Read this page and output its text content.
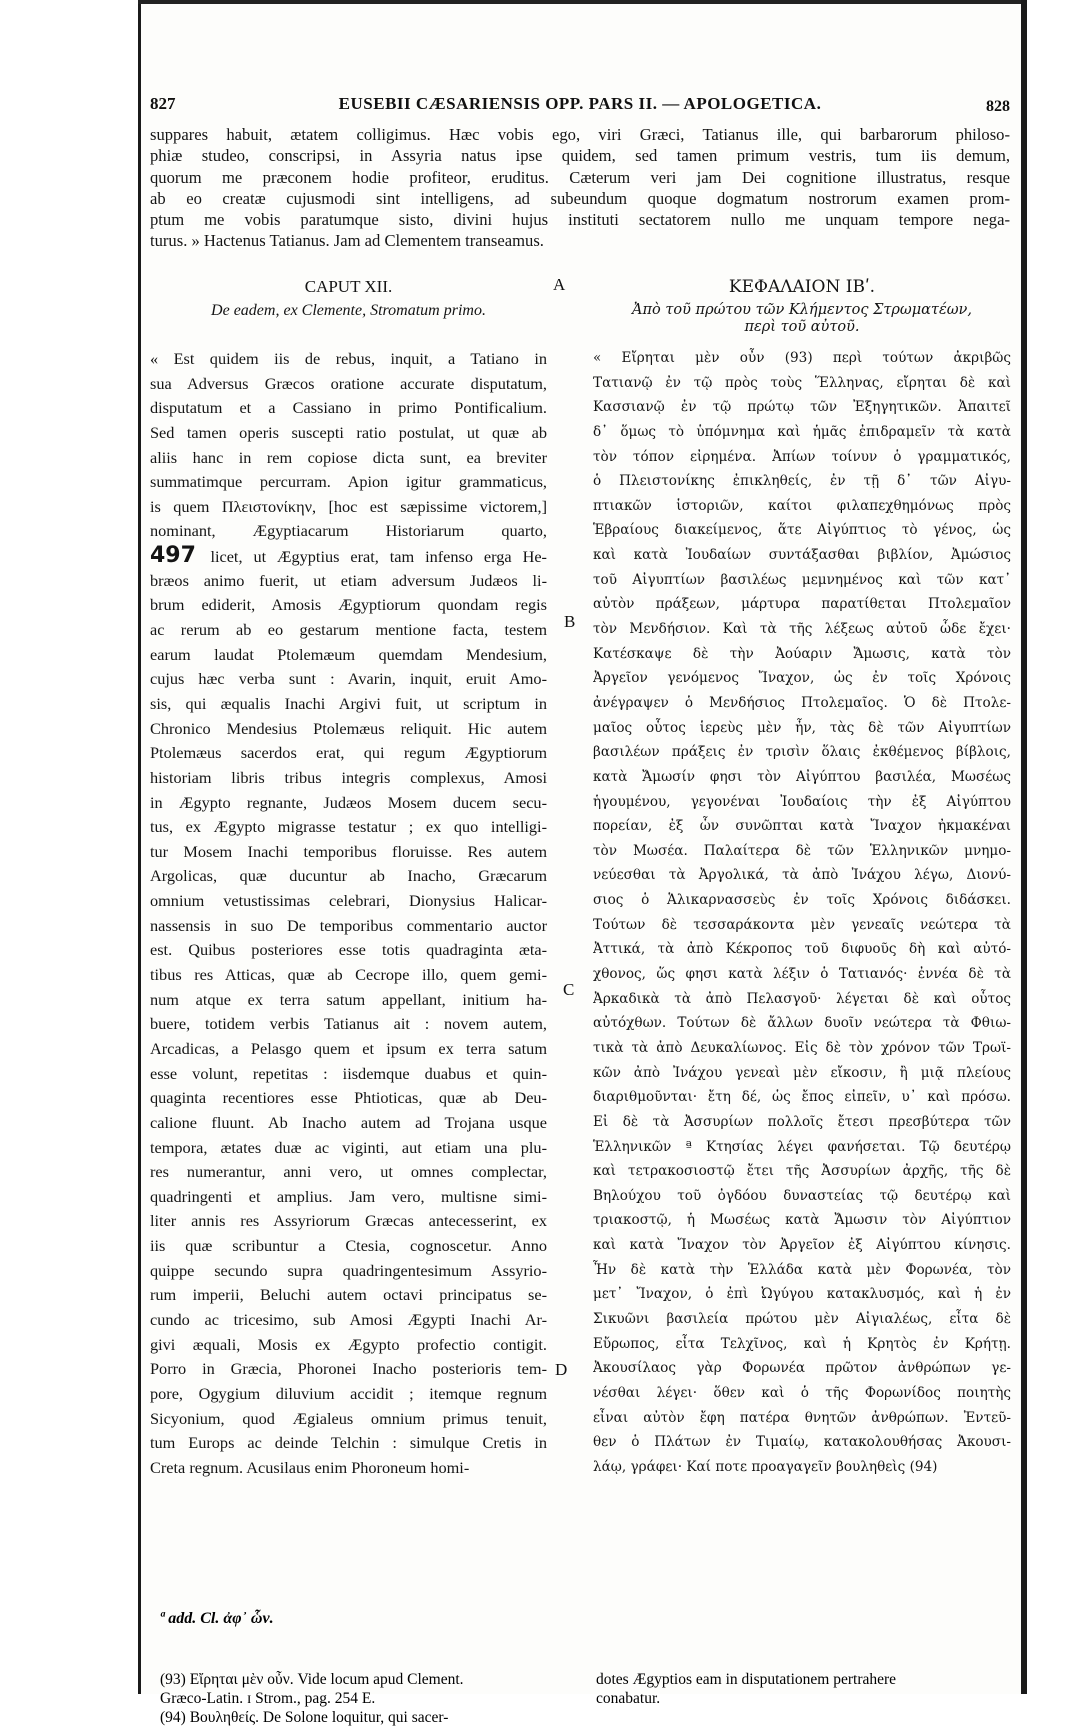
827	EUSEBII CÆSARIENSIS OPP. PARS II. — APOLOGETICA.	828
suppares habuit, ætatem colligimus. Hæc vobis ego, viri Græci, Tatianus ille, qui barbarorum philoso-
phiæ studeo, conscripsi, in Assyria natus ipse quidem, sed tamen primum vestris, tum iis demum,
quorum me præconem hodie profiteor, eruditus. Cæterum veri jam Dei cognitione illustratus, resque
ab eo creatæ cujusmodi sint intelligens, ad subeundum quoque dogmatum nostrorum examen prom-
ptum me vobis paratumque sisto, divini hujus instituti sectatorem nullo me unquam tempore nega-
turus. » Hactenus Tatianus. Jam ad Clementem transeamus.
CAPUT XII.
De eadem, ex Clemente, Stromatum primo.
« Est quidem iis de rebus, inquit, a Tatiano in
sua Adversus Græcos oratione accurate disputatum,
disputatum et a Cassiano in primo Pontificalium.
Sed tamen operis suscepti ratio postulat, ut quæ ab
aliis hanc in rem copiose dicta sunt, ea breviter
summatimque percurram. Apion igitur grammaticus,
is quem Πλειστονίκην, [hoc est sæpissime victorem,]
nominant, Ægyptiacarum Historiarum quarto,
497 licet, ut Ægyptius erat, tam infenso erga He-
bræos animo fuerit, ut etiam adversum Judæos li-
brum ediderit, Amosis Ægyptiorum quondam regis
ac rerum ab eo gestarum mentione facta, testem
earum laudat Ptolemæum quemdam Mendesium,
cujus hæc verba sunt : Avarin, inquit, eruit Amo-
sis, qui æqualis Inachi Argivi fuit, ut scriptum in
Chronico Mendesius Ptolemæus reliquit. Hic autem
Ptolemæus sacerdos erat, qui regum Ægyptiorum
historiam libris tribus integris complexus, Amosi
in Ægypto regnante, Judæos Mosem ducem secu-
tus, ex Ægypto migrasse testatur ; ex quo intelligi-
tur Mosem Inachi temporibus floruisse. Res autem
Argolicas, quæ ducuntur ab Inacho, Græcarum
omnium vetustissimas celebrari, Dionysius Halicar-
nassensis in suo De temporibus commentario auctor
est. Quibus posteriores esse totis quadraginta æta-
tibus res Atticas, quæ ab Cecrope illo, quem gemi-
num atque ex terra satum appellant, initium ha-
buere, totidem verbis Tatianus ait : novem autem,
Arcadicas, a Pelasgo quem et ipsum ex terra satum
esse volunt, repetitas : iisdemque duabus et quin-
quaginta recentiores esse Phtioticas, quæ ab Deu-
calione fluunt. Ab Inacho autem ad Trojana usque
tempora, ætates duæ ac viginti, aut etiam una plu-
res numerantur, anni vero, ut omnes complectar,
quadringenti et amplius. Jam vero, multisne simi-
liter annis res Assyriorum Græcas antecesserint, ex
iis quæ scribuntur a Ctesia, cognoscetur. Anno
quippe secundo supra quadringentesimum Assyrio-
rum imperii, Beluchi autem octavi principatus se-
cundo ac tricesimo, sub Amosi Ægypti Inachi Ar-
givi æquali, Mosis ex Ægypto profectio contigit.
Porro in Græcia, Phoronei Inacho posterioris tem-
pore, Ogygium diluvium accidit ; itemque regnum
Sicyonium, quod Ægialeus omnium primus tenuit,
tum Europs ac deinde Telchin : simulque Cretis in
Creta regnum. Acusilaus enim Phoroneum homi-
ΚΕΦΑΛΑΙΟΝ ΙΒʹ.
Ἀπὸ τοῦ πρώτου τῶν Κλήμεντος Στρωματέων,
περὶ τοῦ αὐτοῦ.
« Εἴρηται μὲν οὖν (93) περὶ τούτων ἀκριβῶς
Τατιανῷ ἐν τῷ πρὸς τοὺς Ἕλληνας, εἴρηται δὲ καὶ
Κασσιανῷ ἐν τῷ πρώτῳ τῶν Ἐξηγητικῶν. Ἀπαιτεῖ
δ᾽ ὅμως τὸ ὑπόμνημα καὶ ἡμᾶς ἐπιδραμεῖν τὰ κατὰ
τὸν τόπον εἰρημένα. Ἀπίων τοίνυν ὁ γραμματικός,
ὁ Πλειστονίκης ἐπικληθείς, ἐν τῇ δ᾽ τῶν Αἰγυ-
πτιακῶν ἱστοριῶν, καίτοι φιλαπεχθημόνως πρὸς
Ἑβραίους διακείμενος, ἅτε Αἰγύπτιος τὸ γένος, ὡς
καὶ κατὰ Ἰουδαίων συντάξασθαι βιβλίον, Ἀμώσιος
τοῦ Αἰγυπτίων βασιλέως μεμνημένος καὶ τῶν κατ᾽
αὐτὸν πράξεων, μάρτυρα παρατίθεται Πτολεμαῖον
τὸν Μενδήσιον. Καὶ τὰ τῆς λέξεως αὐτοῦ ὧδε ἔχει·
Κατέσκαψε δὲ τὴν Ἀούαριν Ἄμωσις, κατὰ τὸν
Ἀργεῖον γενόμενος Ἴναχον, ὡς ἐν τοῖς Χρόνοις
ἀνέγραψεν ὁ Μενδήσιος Πτολεμαῖος. Ὁ δὲ Πτολε-
μαῖος οὗτος ἱερεὺς μὲν ἦν, τὰς δὲ τῶν Αἰγυπτίων
βασιλέων πράξεις ἐν τρισὶν ὅλαις ἐκθέμενος βίβλοις,
κατὰ Ἄμωσίν φησι τὸν Αἰγύπτου βασιλέα, Μωσέως
ἡγουμένου, γεγονέναι Ἰουδαίοις τὴν ἐξ Αἰγύπτου
πορείαν, ἐξ ὧν συνῶπται κατὰ Ἴναχον ἠκμακέναι
τὸν Μωσέα. Παλαίτερα δὲ τῶν Ἑλληνικῶν μνημο-
νεύεσθαι τὰ Ἀργολικά, τὰ ἀπὸ Ἰνάχου λέγω, Διονύ-
σιος ὁ Ἁλικαρνασσεὺς ἐν τοῖς Χρόνοις διδάσκει.
Τούτων δὲ τεσσαράκοντα μὲν γενεαῖς νεώτερα τὰ
Ἀττικά, τὰ ἀπὸ Κέκροπος τοῦ διφυοῦς δὴ καὶ αὐτό-
χθονος, ὥς φησι κατὰ λέξιν ὁ Τατιανός· ἐννέα δὲ τὰ
Ἀρκαδικὰ τὰ ἀπὸ Πελασγοῦ· λέγεται δὲ καὶ οὗτος
αὐτόχθων. Τούτων δὲ ἄλλων δυοῖν νεώτερα τὰ Φθιω-
τικὰ τὰ ἀπὸ Δευκαλίωνος. Εἰς δὲ τὸν χρόνον τῶν Τρωϊ-
κῶν ἀπὸ Ἰνάχου γενεαὶ μὲν εἴκοσιν, ἢ μιᾷ πλείους
διαριθμοῦνται· ἔτη δέ, ὡς ἔπος εἰπεῖν, υ᾽ καὶ πρόσω.
Εἰ δὲ τὰ Ἀσσυρίων πολλοῖς ἔτεσι πρεσβύτερα τῶν
Ἑλληνικῶν ª Κτησίας λέγει φανήσεται. Τῷ δευτέρῳ
καὶ τετρακοσιοστῷ ἔτει τῆς Ἀσσυρίων ἀρχῆς, τῆς δὲ
Βηλούχου τοῦ ὀγδόου δυναστείας τῷ δευτέρῳ καὶ
τριακοστῷ, ἡ Μωσέως κατὰ Ἄμωσιν τὸν Αἰγύπτιον
καὶ κατὰ Ἴναχον τὸν Ἀργεῖον ἐξ Αἰγύπτου κίνησις.
Ἦν δὲ κατὰ τὴν Ἑλλάδα κατὰ μὲν Φορωνέα, τὸν
μετ᾽ Ἴναχον, ὁ ἐπὶ Ὠγύγου κατακλυσμός, καὶ ἡ ἐν
Σικυῶνι βασιλεία πρώτου μὲν Αἰγιαλέως, εἶτα δὲ
Εὔρωπος, εἶτα Τελχῖνος, καὶ ἡ Κρητὸς ἐν Κρήτῃ.
Ἀκουσίλαος γὰρ Φορωνέα πρῶτον ἀνθρώπων γε-
νέσθαι λέγει· ὅθεν καὶ ὁ τῆς Φορωνίδος ποιητὴς
εἶναι αὐτὸν ἔφη πατέρα θνητῶν ἀνθρώπων. Ἐντεῦ-
θεν ὁ Πλάτων ἐν Τιμαίῳ, κατακολουθήσας Ἀκουσι-
λάῳ, γράφει· Καί ποτε προαγαγεῖν βουληθεὶς (94)
A
B
C
D
ª add. Cl. ἀφ᾽ ὧν.
(93) Εἴρηται μὲν οὖν. Vide locum apud Clement.
Græco-Latin. ɪ Strom., pag. 254 E.
(94) Βουληθείς. De Solone loquitur, qui sacer-
dotes Ægyptios eam in disputationem pertrahere
conabatur.
